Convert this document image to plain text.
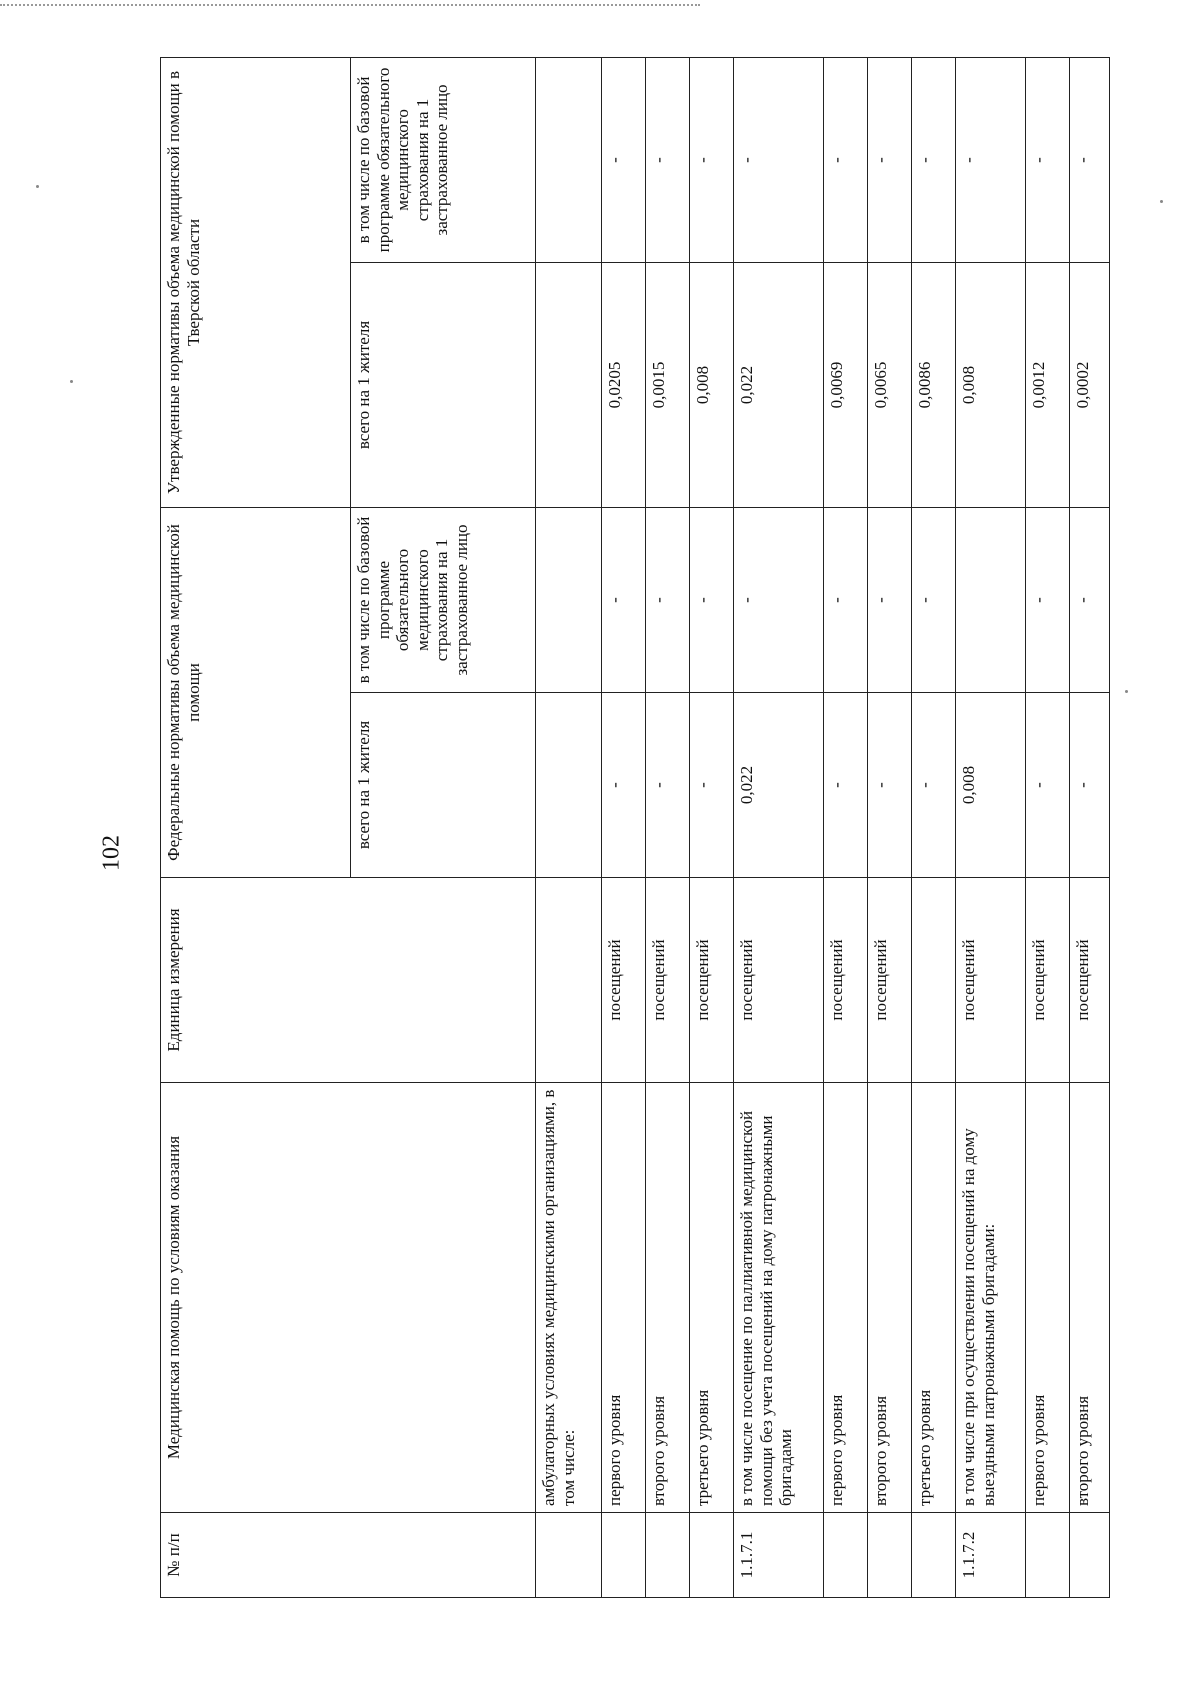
102
№ п/п	Медицинская помощь по условиям оказания	Единица измерения	Федеральные нормативы объема медицинской помощи		Утвержденные нормативы объема медицинской помощи в Тверской области	
			всего на 1 жителя	в том числе по базовой программе обязательного медицинского страхования на 1 застрахованное лицо	всего на 1 жителя	в том числе по базовой программе обязательного медицинского страхования на 1 застрахованное лицо
	амбулаторных условиях медицинскими организациями, в том числе:					
	первого уровня	посещений	-	-	0,0205	-
	второго уровня	посещений	-	-	0,0015	-
	третьего уровня	посещений	-	-	0,008	-
1.1.7.1	в том числе посещение по паллиативной медицинской помощи без учета посещений на дому патронажными бригадами	посещений	0,022	-	0,022	-
	первого уровня	посещений	-	-	0,0069	-
	второго уровня	посещений	-	-	0,0065	-
	третьего уровня		-	-	0,0086	-
1.1.7.2	в том числе при осуществлении посещений на дому выездными патронажными бригадами:	посещений	0,008		0,008	-
	первого уровня	посещений	-	-	0,0012	-
	второго уровня	посещений	-	-	0,0002	-
